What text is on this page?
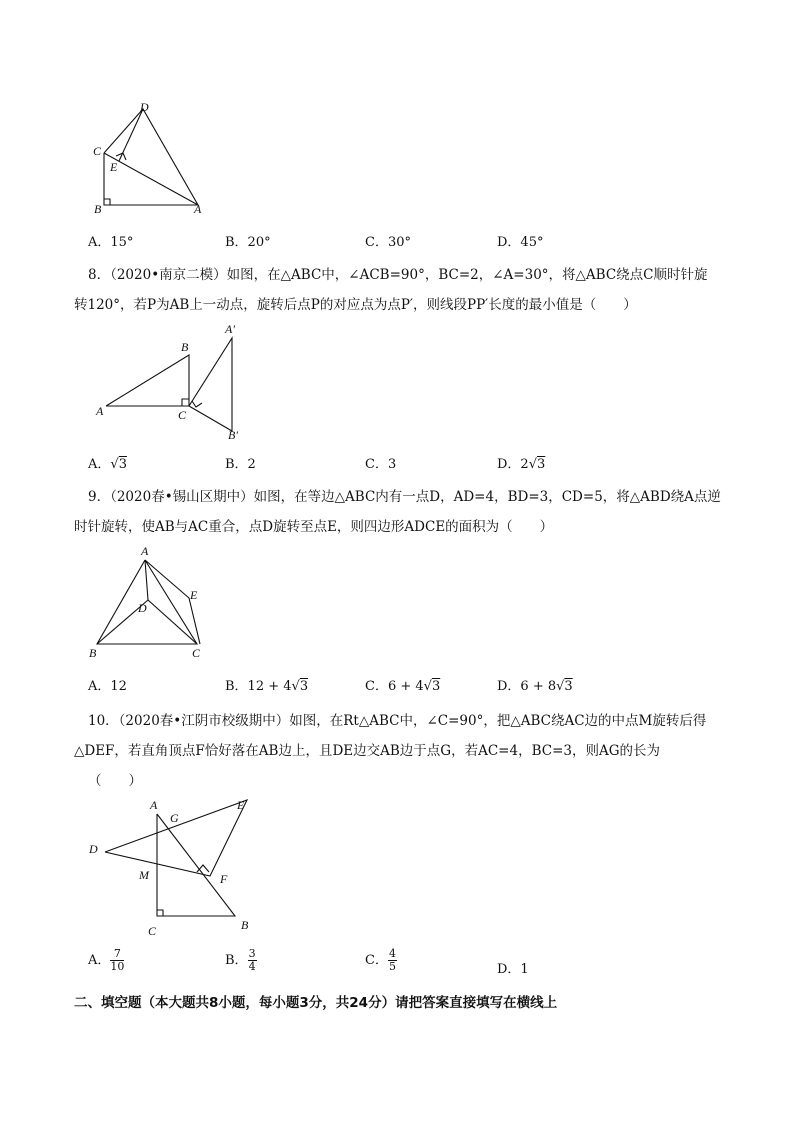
D
C
E
B	A
A．15°	B．20°	C．30°	D．45°
8．（2020•南京二模）如图，在△ABC中，∠ACB=90°，BC=2，∠A=30°，将△ABC绕点C顺时针旋
转120°，若P为AB上一动点，旋转后点P的对应点为点P′，则线段PP′长度的最小值是（　　）
A
B
C
A′
B′
A．√3	B．2	C．3	D．2√3
9．（2020春•锡山区期中）如图，在等边△ABC内有一点D，AD=4，BD=3，CD=5，将△ABD绕A点逆
时针旋转，使AB与AC重合，点D旋转至点E，则四边形ADCE的面积为（　　）
A
B	C
D
E
A．12	B．12 + 4√3	C．6 + 4√3	D．6 + 8√3
10．（2020春•江阴市校级期中）如图，在Rt△ABC中，∠C=90°，把△ABC绕AC边的中点M旋转后得
△DEF，若直角顶点F恰好落在AB边上，且DE边交AB边于点G，若AC=4，BC=3，则AG的长为
（　　）
A
G
E
D
M	F
C	B
A． $\frac{7}{10}$	B． $\frac{3}{4}$	C． $\frac{4}{5}$	D．1
二、填空题（本大题共8小题，每小题3分，共24分）请把答案直接填写在横线上
